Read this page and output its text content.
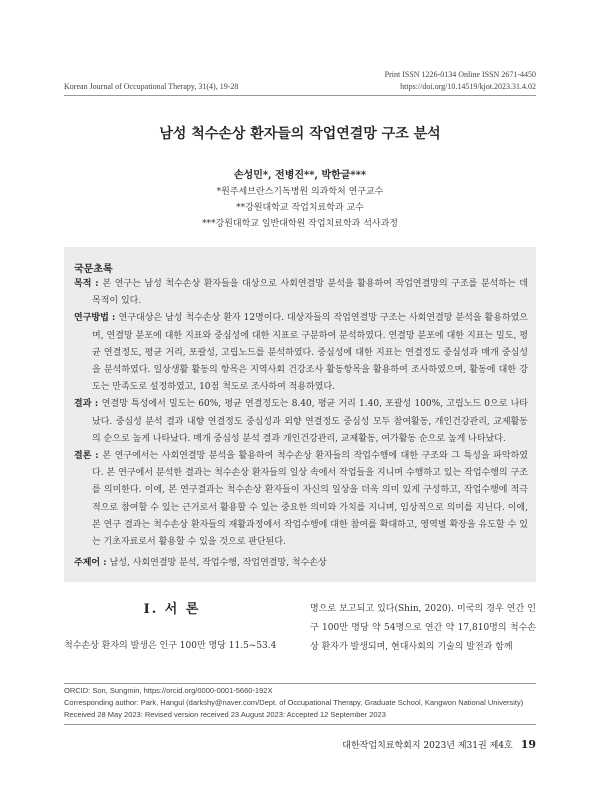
Print ISSN 1226-0134 Online ISSN 2671-4450
Korean Journal of Occupational Therapy, 31(4), 19-28	https://doi.org/10.14519/kjot.2023.31.4.02
남성 척수손상 환자들의 작업연결망 구조 분석
손성민*, 전병진**, 박한글***
*원주세브란스기독병원 의과학처 연구교수
**강원대학교 작업치료학과 교수
***강원대학교 일반대학원 작업치료학과 석사과정
국문초록

목적 : 본 연구는 남성 척수손상 환자들을 대상으로 사회연결망 분석을 활용하여 작업연결망의 구조를 분석하는 데 목적이 있다.

연구방법 : 연구대상은 남성 척수손상 환자 12명이다. 대상자들의 작업연결망 구조는 사회연결망 분석을 활용하였으며, 연결망 분포에 대한 지표와 중심성에 대한 지표로 구분하여 분석하였다. 연결망 분포에 대한 지표는 밀도, 평균 연결정도, 평균 거리, 포괄성, 고립노드를 분석하였다. 중심성에 대한 지표는 연결정도 중심성과 매개 중심성을 분석하였다. 일상생활 활동의 항목은 지역사회 건강조사 활동항목을 활용하여 조사하였으며, 활동에 대한 강도는 만족도로 설정하였고, 10점 척도로 조사하여 적용하였다.

결과 : 연결망 특성에서 밀도는 60%, 평균 연결정도는 8.40, 평균 거리 1.40, 포괄성 100%, 고립노드 0으로 나타났다. 중심성 분석 결과 내향 연결정도 중심성과 외향 연결정도 중심성 모두 참여활동, 개인건강관리, 교제활동의 순으로 높게 나타났다. 매개 중심성 분석 결과 개인건강관리, 교제활동, 여가활동 순으로 높게 나타났다.

결론 : 본 연구에서는 사회연결망 분석을 활용하여 척수손상 환자들의 작업수행에 대한 구조와 그 특성을 파악하였다. 본 연구에서 분석한 결과는 척수손상 환자들의 일상 속에서 작업들을 지니며 수행하고 있는 작업수행의 구조를 의미한다. 이에, 본 연구결과는 척수손상 환자들이 자신의 일상을 더욱 의미 있게 구성하고, 작업수행에 적극적으로 참여할 수 있는 근거로서 활용할 수 있는 중요한 의미와 가치를 지니며, 임상적으로 의미를 지닌다. 이에, 본 연구 결과는 척수손상 환자들의 재활과정에서 작업수행에 대한 참여를 확대하고, 영역별 확장을 유도할 수 있는 기초자료로서 활용할 수 있을 것으로 판단된다.

주제어 : 남성, 사회연결망 분석, 작업수행, 작업연결망, 척수손상

Ⅰ. 서 론
척수손상 환자의 발생은 인구 100만 명당 11.5~53.4
명으로 보고되고 있다(Shin, 2020). 미국의 경우 연간 인구 100만 명당 약 54명으로 연간 약 17,810명의 척수손상 환자가 발생되며, 현대사회의 기술의 발전과 함께
ORCID: Son, Sungmin, https://orcid.org/0000-0001-5660-192X
Corresponding author: Park, Hangul (darkshy@naver.com/Dept. of Occupational Therapy, Graduate School, Kangwon National University)
Received 28 May 2023: Revised version received 23 August 2023: Accepted 12 September 2023
대한작업치료학회지 2023년 제31권 제4호 19
